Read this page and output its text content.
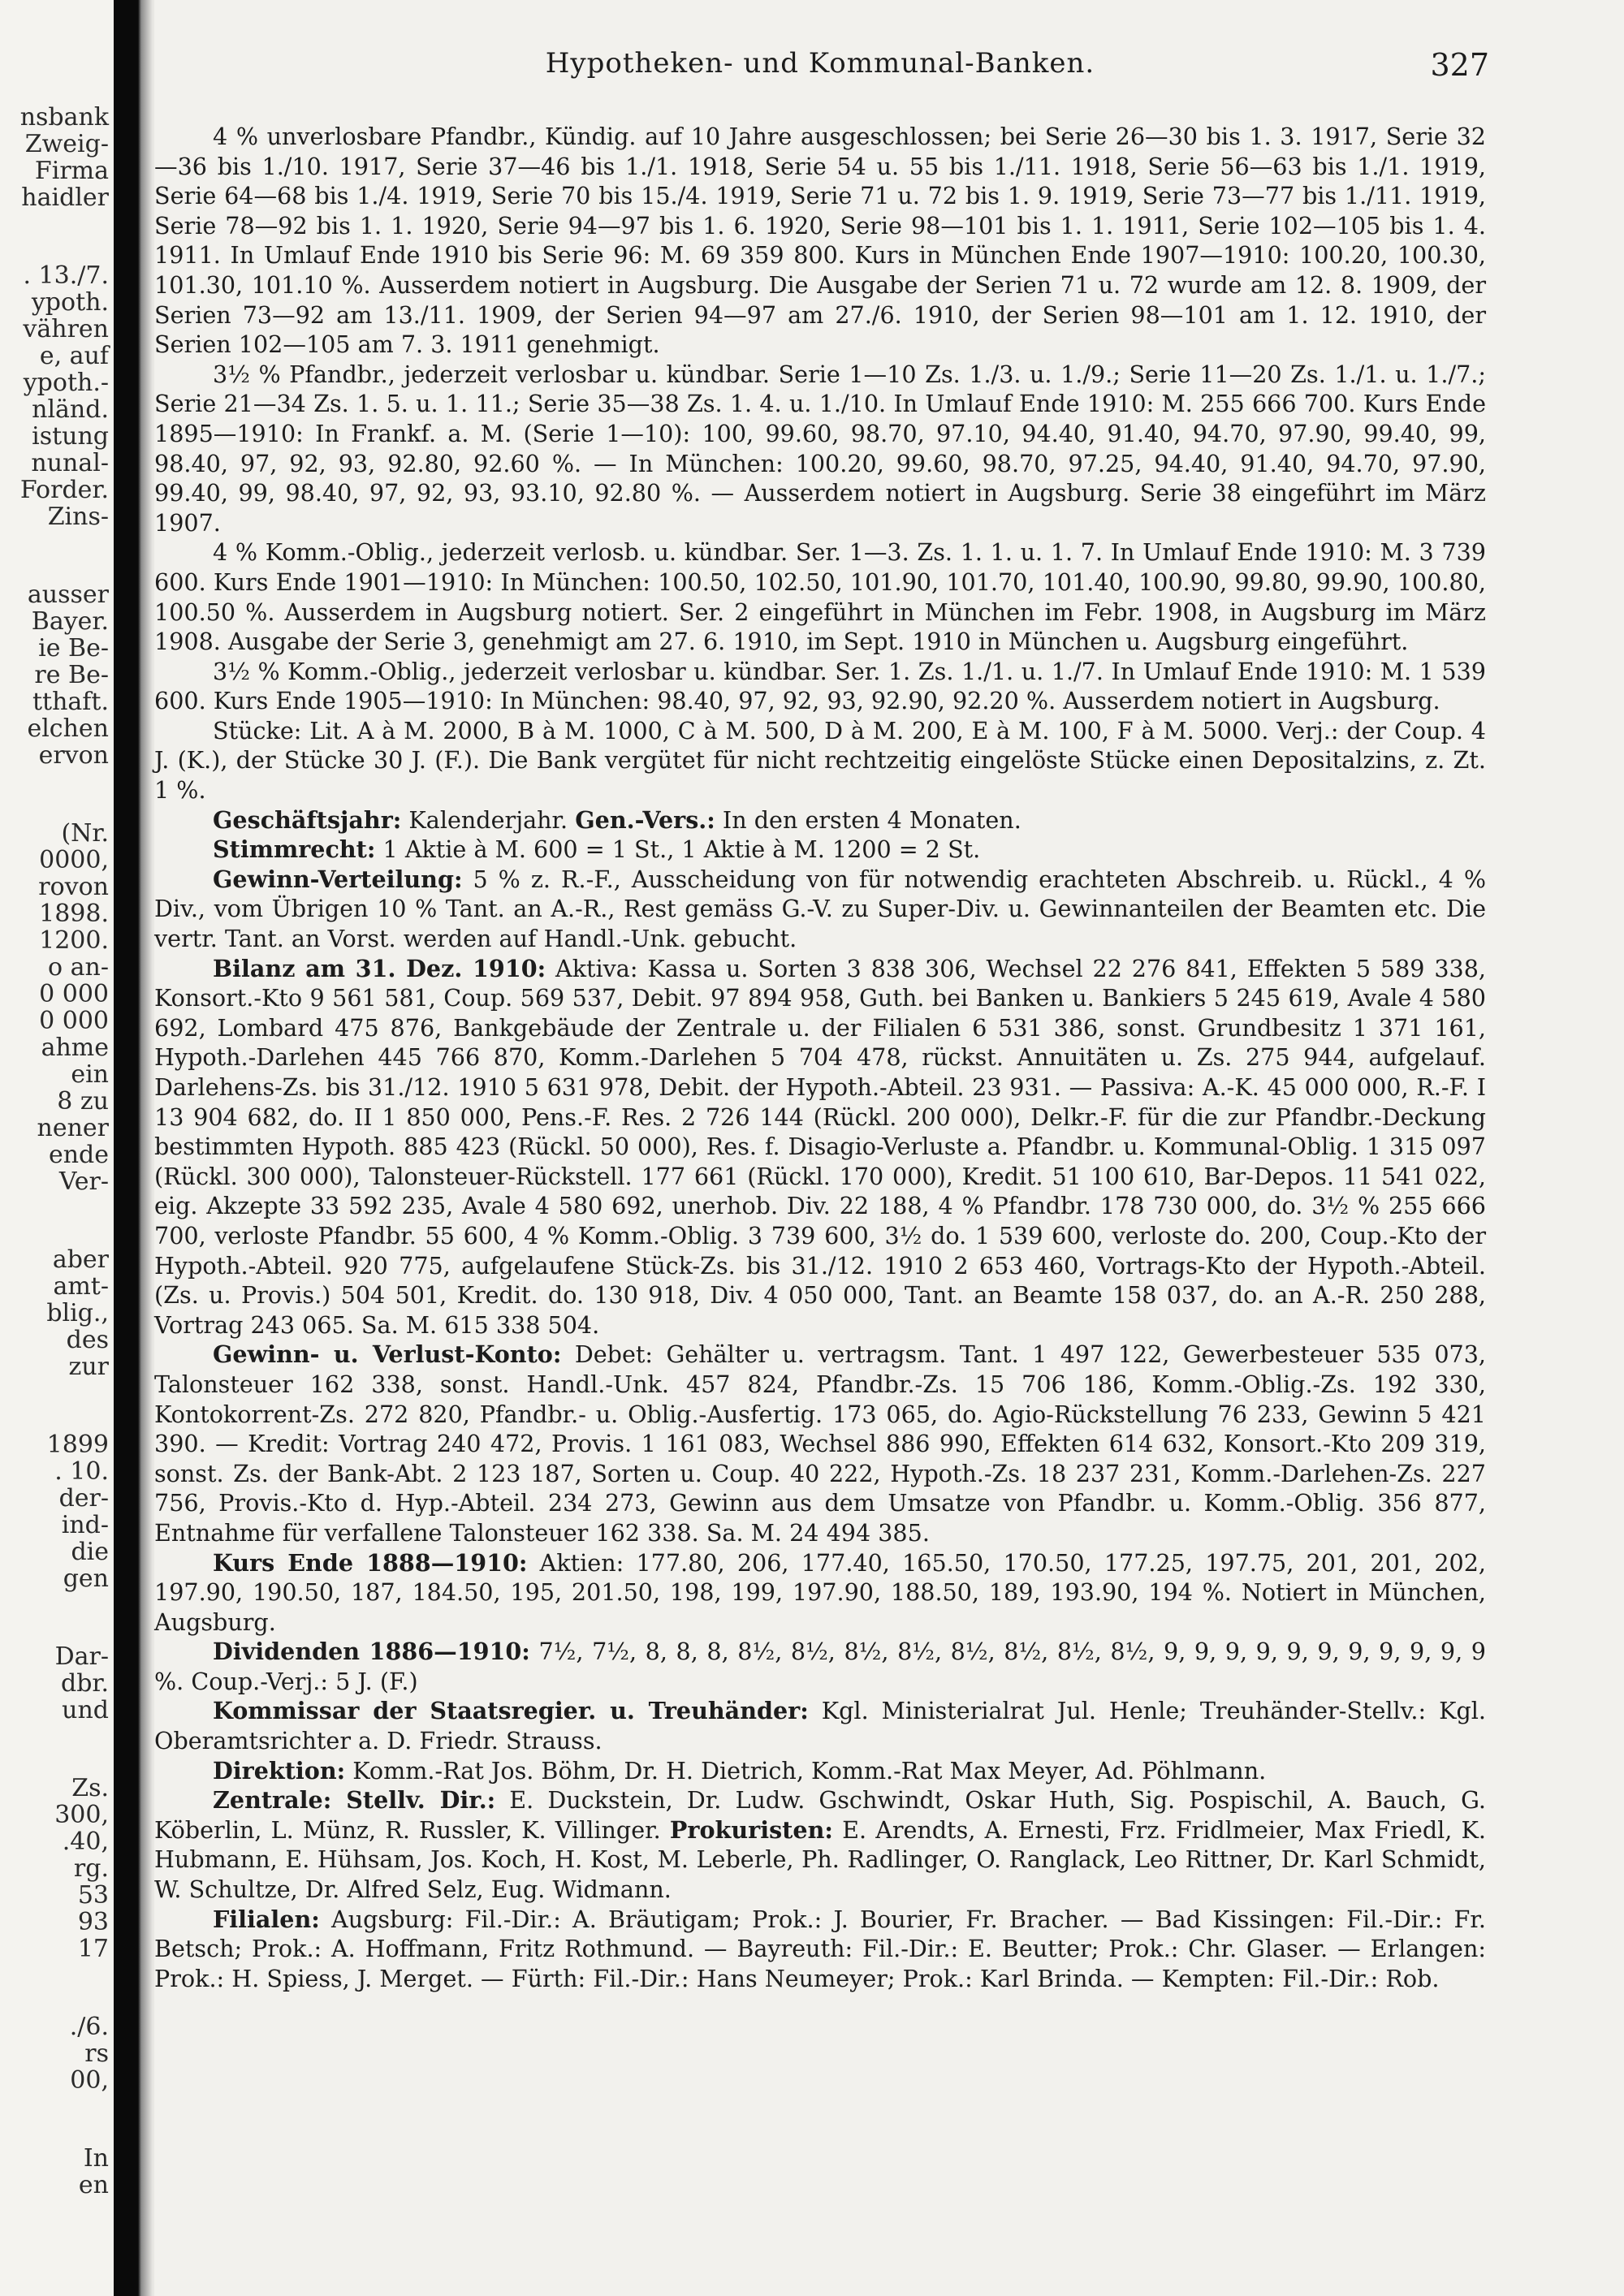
nsbank
Zweig-
Firma
haidler
. 13./7.
ypoth.
vähren
e, auf
ypoth.-
nländ.
istung
nunal-
Forder.
Zins-
ausser
Bayer.
ie Be-
re Be-
tthaft.
elchen
ervon
(Nr.
0000,
rovon
1898.
1200.
o an-
0 000
0 000
ahme
ein
8 zu
nener
ende
Ver-
aber
amt-
blig.,
des
zur
1899
. 10.
der-
ind-
die
gen
Dar-
dbr.
und
Zs.
300,
.40,
rg.
53
93
17
./6.
rs
00,
In
en
Hypotheken- und Kommunal-Banken.	327

4 % unverlosbare Pfandbr., Kündig. auf 10 Jahre ausgeschlossen; bei Serie 26—30 bis 1. 3. 1917, Serie 32—36 bis 1./10. 1917, Serie 37—46 bis 1./1. 1918, Serie 54 u. 55 bis 1./11. 1918, Serie 56—63 bis 1./1. 1919, Serie 64—68 bis 1./4. 1919, Serie 70 bis 15./4. 1919, Serie 71 u. 72 bis 1. 9. 1919, Serie 73—77 bis 1./11. 1919, Serie 78—92 bis 1. 1. 1920, Serie 94—97 bis 1. 6. 1920, Serie 98—101 bis 1. 1. 1911, Serie 102—105 bis 1. 4. 1911. In Umlauf Ende 1910 bis Serie 96: M. 69 359 800. Kurs in München Ende 1907—1910: 100.20, 100.30, 101.30, 101.10 %. Ausserdem notiert in Augsburg. Die Ausgabe der Serien 71 u. 72 wurde am 12. 8. 1909, der Serien 73—92 am 13./11. 1909, der Serien 94—97 am 27./6. 1910, der Serien 98—101 am 1. 12. 1910, der Serien 102—105 am 7. 3. 1911 genehmigt.

3½ % Pfandbr., jederzeit verlosbar u. kündbar. Serie 1—10 Zs. 1./3. u. 1./9.; Serie 11—20 Zs. 1./1. u. 1./7.; Serie 21—34 Zs. 1. 5. u. 1. 11.; Serie 35—38 Zs. 1. 4. u. 1./10. In Umlauf Ende 1910: M. 255 666 700. Kurs Ende 1895—1910: In Frankf. a. M. (Serie 1—10): 100, 99.60, 98.70, 97.10, 94.40, 91.40, 94.70, 97.90, 99.40, 99, 98.40, 97, 92, 93, 92.80, 92.60 %. — In München: 100.20, 99.60, 98.70, 97.25, 94.40, 91.40, 94.70, 97.90, 99.40, 99, 98.40, 97, 92, 93, 93.10, 92.80 %. — Ausserdem notiert in Augsburg. Serie 38 eingeführt im März 1907.

4 % Komm.-Oblig., jederzeit verlosb. u. kündbar. Ser. 1—3. Zs. 1. 1. u. 1. 7. In Umlauf Ende 1910: M. 3 739 600. Kurs Ende 1901—1910: In München: 100.50, 102.50, 101.90, 101.70, 101.40, 100.90, 99.80, 99.90, 100.80, 100.50 %. Ausserdem in Augsburg notiert. Ser. 2 eingeführt in München im Febr. 1908, in Augsburg im März 1908. Ausgabe der Serie 3, genehmigt am 27. 6. 1910, im Sept. 1910 in München u. Augsburg eingeführt.

3½ % Komm.-Oblig., jederzeit verlosbar u. kündbar. Ser. 1. Zs. 1./1. u. 1./7. In Umlauf Ende 1910: M. 1 539 600. Kurs Ende 1905—1910: In München: 98.40, 97, 92, 93, 92.90, 92.20 %. Ausserdem notiert in Augsburg.

Stücke: Lit. A à M. 2000, B à M. 1000, C à M. 500, D à M. 200, E à M. 100, F à M. 5000. Verj.: der Coup. 4 J. (K.), der Stücke 30 J. (F.). Die Bank vergütet für nicht rechtzeitig eingelöste Stücke einen Depositalzins, z. Zt. 1 %.

Geschäftsjahr: Kalenderjahr. Gen.-Vers.: In den ersten 4 Monaten.

Stimmrecht: 1 Aktie à M. 600 = 1 St., 1 Aktie à M. 1200 = 2 St.

Gewinn-Verteilung: 5 % z. R.-F., Ausscheidung von für notwendig erachteten Abschreib. u. Rückl., 4 % Div., vom Übrigen 10 % Tant. an A.-R., Rest gemäss G.-V. zu Super-Div. u. Gewinnanteilen der Beamten etc. Die vertr. Tant. an Vorst. werden auf Handl.-Unk. gebucht.

Bilanz am 31. Dez. 1910: Aktiva: Kassa u. Sorten 3 838 306, Wechsel 22 276 841, Effekten 5 589 338, Konsort.-Kto 9 561 581, Coup. 569 537, Debit. 97 894 958, Guth. bei Banken u. Bankiers 5 245 619, Avale 4 580 692, Lombard 475 876, Bankgebäude der Zentrale u. der Filialen 6 531 386, sonst. Grundbesitz 1 371 161, Hypoth.-Darlehen 445 766 870, Komm.-Darlehen 5 704 478, rückst. Annuitäten u. Zs. 275 944, aufgelauf. Darlehens-Zs. bis 31./12. 1910 5 631 978, Debit. der Hypoth.-Abteil. 23 931. — Passiva: A.-K. 45 000 000, R.-F. I 13 904 682, do. II 1 850 000, Pens.-F. Res. 2 726 144 (Rückl. 200 000), Delkr.-F. für die zur Pfandbr.-Deckung bestimmten Hypoth. 885 423 (Rückl. 50 000), Res. f. Disagio-Verluste a. Pfandbr. u. Kommunal-Oblig. 1 315 097 (Rückl. 300 000), Talonsteuer-Rückstell. 177 661 (Rückl. 170 000), Kredit. 51 100 610, Bar-Depos. 11 541 022, eig. Akzepte 33 592 235, Avale 4 580 692, unerhob. Div. 22 188, 4 % Pfandbr. 178 730 000, do. 3½ % 255 666 700, verloste Pfandbr. 55 600, 4 % Komm.-Oblig. 3 739 600, 3½ do. 1 539 600, verloste do. 200, Coup.-Kto der Hypoth.-Abteil. 920 775, aufgelaufene Stück-Zs. bis 31./12. 1910 2 653 460, Vortrags-Kto der Hypoth.-Abteil. (Zs. u. Provis.) 504 501, Kredit. do. 130 918, Div. 4 050 000, Tant. an Beamte 158 037, do. an A.-R. 250 288, Vortrag 243 065. Sa. M. 615 338 504.

Gewinn- u. Verlust-Konto: Debet: Gehälter u. vertragsm. Tant. 1 497 122, Gewerbesteuer 535 073, Talonsteuer 162 338, sonst. Handl.-Unk. 457 824, Pfandbr.-Zs. 15 706 186, Komm.-Oblig.-Zs. 192 330, Kontokorrent-Zs. 272 820, Pfandbr.- u. Oblig.-Ausfertig. 173 065, do. Agio-Rückstellung 76 233, Gewinn 5 421 390. — Kredit: Vortrag 240 472, Provis. 1 161 083, Wechsel 886 990, Effekten 614 632, Konsort.-Kto 209 319, sonst. Zs. der Bank-Abt. 2 123 187, Sorten u. Coup. 40 222, Hypoth.-Zs. 18 237 231, Komm.-Darlehen-Zs. 227 756, Provis.-Kto d. Hyp.-Abteil. 234 273, Gewinn aus dem Umsatze von Pfandbr. u. Komm.-Oblig. 356 877, Entnahme für verfallene Talonsteuer 162 338. Sa. M. 24 494 385.

Kurs Ende 1888—1910: Aktien: 177.80, 206, 177.40, 165.50, 170.50, 177.25, 197.75, 201, 201, 202, 197.90, 190.50, 187, 184.50, 195, 201.50, 198, 199, 197.90, 188.50, 189, 193.90, 194 %. Notiert in München, Augsburg.

Dividenden 1886—1910: 7½, 7½, 8, 8, 8, 8½, 8½, 8½, 8½, 8½, 8½, 8½, 8½, 9, 9, 9, 9, 9, 9, 9, 9, 9, 9, 9 %. Coup.-Verj.: 5 J. (F.)

Kommissar der Staatsregier. u. Treuhänder: Kgl. Ministerialrat Jul. Henle; Treuhänder-Stellv.: Kgl. Oberamtsrichter a. D. Friedr. Strauss.

Direktion: Komm.-Rat Jos. Böhm, Dr. H. Dietrich, Komm.-Rat Max Meyer, Ad. Pöhlmann.

Zentrale: Stellv. Dir.: E. Duckstein, Dr. Ludw. Gschwindt, Oskar Huth, Sig. Pospischil, A. Bauch, G. Köberlin, L. Münz, R. Russler, K. Villinger. Prokuristen: E. Arendts, A. Ernesti, Frz. Fridlmeier, Max Friedl, K. Hubmann, E. Hühsam, Jos. Koch, H. Kost, M. Leberle, Ph. Radlinger, O. Ranglack, Leo Rittner, Dr. Karl Schmidt, W. Schultze, Dr. Alfred Selz, Eug. Widmann.

Filialen: Augsburg: Fil.-Dir.: A. Bräutigam; Prok.: J. Bourier, Fr. Bracher. — Bad Kissingen: Fil.-Dir.: Fr. Betsch; Prok.: A. Hoffmann, Fritz Rothmund. — Bayreuth: Fil.-Dir.: E. Beutter; Prok.: Chr. Glaser. — Erlangen: Prok.: H. Spiess, J. Merget. — Fürth: Fil.-Dir.: Hans Neumeyer; Prok.: Karl Brinda. — Kempten: Fil.-Dir.: Rob.
